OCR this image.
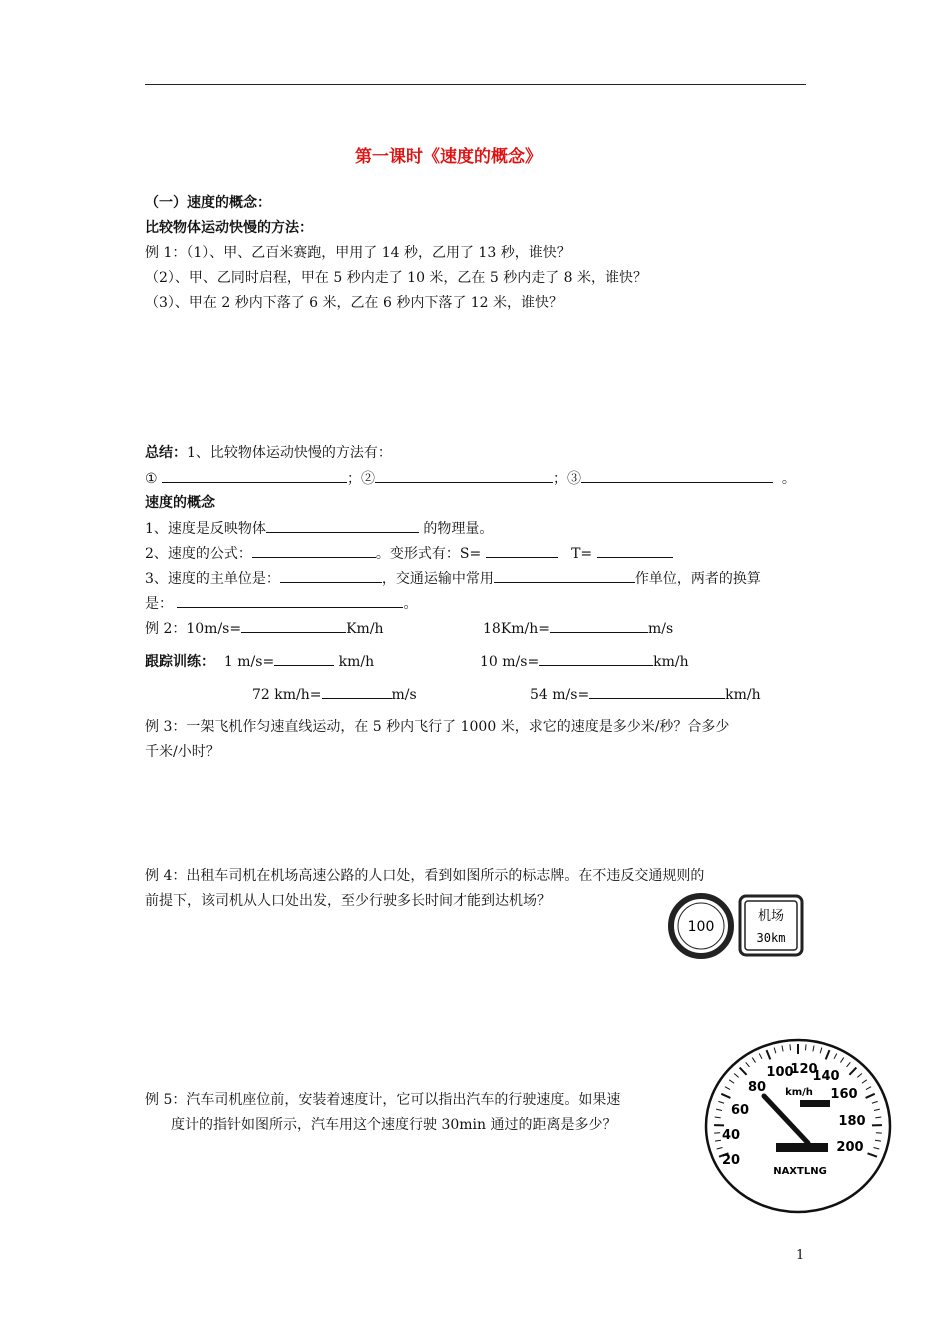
第一课时《速度的概念》
（一）速度的概念：
比较物体运动快慢的方法：
例 1：（1）、甲、乙百米赛跑，甲用了 14 秒，乙用了 13 秒，谁快？
（2）、甲、乙同时启程，甲在 5 秒内走了 10 米，乙在 5 秒内走了 8 米，谁快？
（3）、甲在 2 秒内下落了 6 米，乙在 6 秒内下落了 12 米，谁快？
总结：1、比较物体运动快慢的方法有：
①	；②	；③	。
速度的概念
1、速度是反映物体	的物理量。
2、速度的公式：	。变形式有：S=	T=
3、速度的主单位是：	，交通运输中常用	作单位，两者的换算
是：	。
例 2：10m/s=	Km/h	18Km/h=	m/s
跟踪训练： 1 m/s=	km/h	10 m/s=	km/h
72 km/h=	m/s	54 m/s=	km/h
例 3：一架飞机作匀速直线运动，在 5 秒内飞行了 1000 米，求它的速度是多少米/秒？合多少
千米/小时？
例 4：出租车司机在机场高速公路的人口处，看到如图所示的标志牌。在不违反交通规则的
前提下，该司机从人口处出发，至少行驶多长时间才能到达机场？
100
机场
30km
例 5：汽车司机座位前，安装着速度计，它可以指出汽车的行驶速度。如果速
度计的指针如图所示，汽车用这个速度行驶 30min 通过的距离是多少？
20
40
60
80
100
120
140
160
180
200
km/h
NAXTLNG
1
